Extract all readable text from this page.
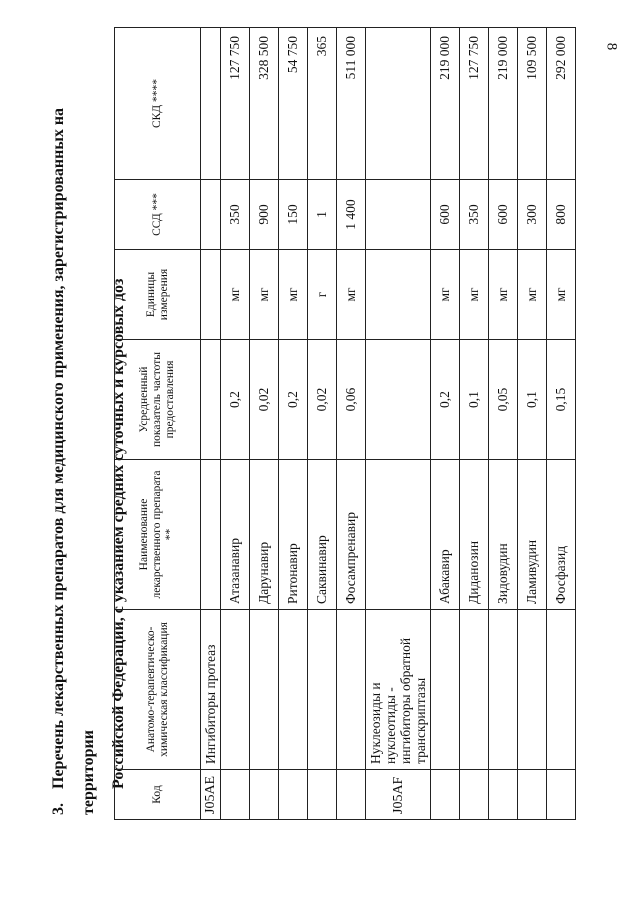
8
3.Перечень лекарственных препаратов для медицинского применения, зарегистрированных на территории Российской Федерации, с указанием средних суточных и курсовых доз
Код	Анатомо-терапевтическо-химическая классификация	Наименование лекарственного препарата **	Усредненный показатель частоты предоставления	Единицы измерения	ССД ***	СКД ****
J05AE	Ингибиторы протеаз					
		Атазанавир	0,2	мг	350	127 750
		Дарунавир	0,02	мг	900	328 500
		Ритонавир	0,2	мг	150	54 750
		Саквинавир	0,02	г	1	365
		Фосампренавир	0,06	мг	1 400	511 000
J05AF	Нуклеозиды и нуклеотиды - ингибиторы обратной транскриптазы					
		Абакавир	0,2	мг	600	219 000
		Диданозин	0,1	мг	350	127 750
		Зидовудин	0,05	мг	600	219 000
		Ламивудин	0,1	мг	300	109 500
		Фосфазид	0,15	мг	800	292 000
